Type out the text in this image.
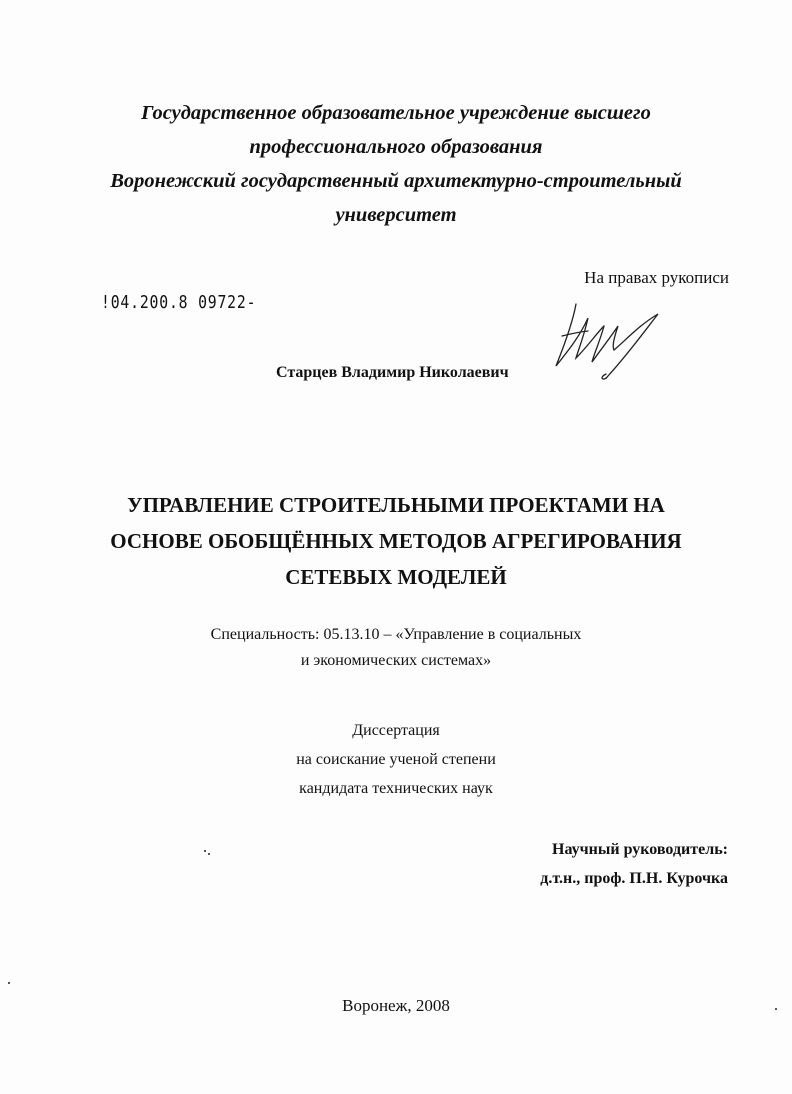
Государственное образовательное учреждение высшего
профессионального образования
Воронежский государственный архитектурно-строительный
университет
На правах рукописи
!04.200.8 09722-
Старцев Владимир Николаевич
УПРАВЛЕНИЕ СТРОИТЕЛЬНЫМИ ПРОЕКТАМИ НА
ОСНОВЕ ОБОБЩЁННЫХ МЕТОДОВ АГРЕГИРОВАНИЯ
СЕТЕВЫХ МОДЕЛЕЙ
Специальность: 05.13.10 – «Управление в социальных
и экономических системах»
Диссертация
на соискание ученой степени
кандидата технических наук
Научный руководитель:
д.т.н., проф. П.Н. Курочка
Воронеж, 2008
